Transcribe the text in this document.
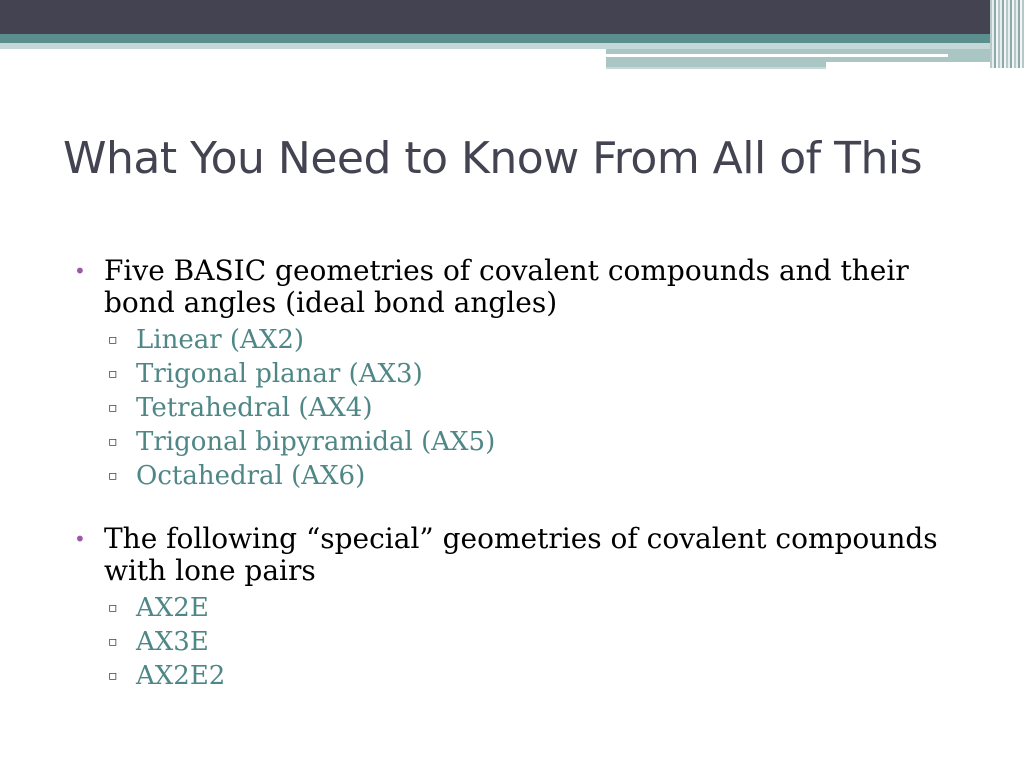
What You Need to Know From All of This
• Five BASIC geometries of covalent compounds and their bond angles (ideal bond angles)
▫ Linear (AX2)
▫ Trigonal planar (AX3)
▫ Tetrahedral (AX4)
▫ Trigonal bipyramidal (AX5)
▫ Octahedral (AX6)
• The following “special” geometries of covalent compounds with lone pairs
▫ AX2E
▫ AX3E
▫ AX2E2
